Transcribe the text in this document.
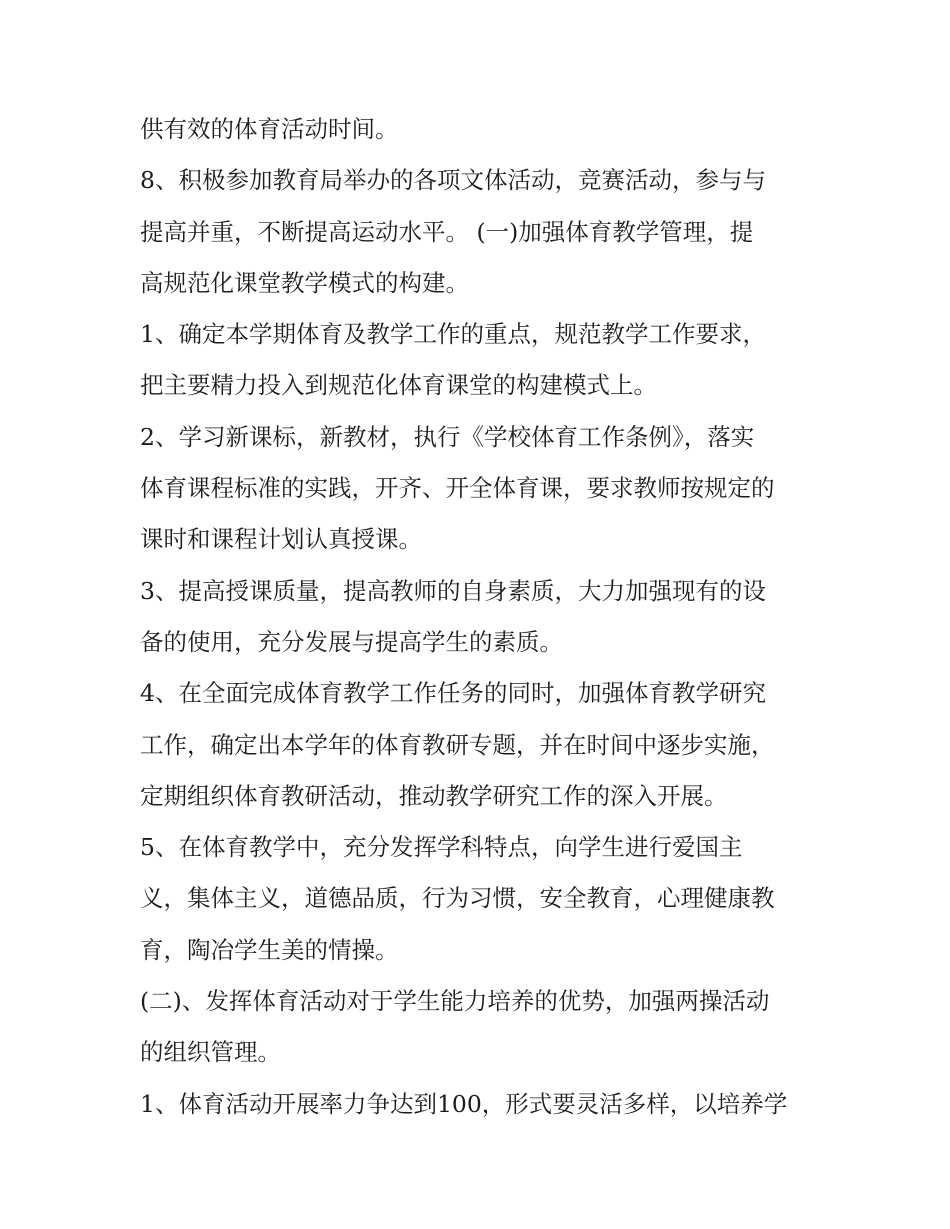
供有效的体育活动时间。
8、积极参加教育局举办的各项文体活动，竞赛活动，参与与
提高并重，不断提高运动水平。 (一)加强体育教学管理，提
高规范化课堂教学模式的构建。
1、确定本学期体育及教学工作的重点，规范教学工作要求，
把主要精力投入到规范化体育课堂的构建模式上。
2、学习新课标，新教材，执行《学校体育工作条例》，落实
体育课程标准的实践，开齐、开全体育课，要求教师按规定的
课时和课程计划认真授课。
3、提高授课质量，提高教师的自身素质，大力加强现有的设
备的使用，充分发展与提高学生的素质。
4、在全面完成体育教学工作任务的同时，加强体育教学研究
工作，确定出本学年的体育教研专题，并在时间中逐步实施，
定期组织体育教研活动，推动教学研究工作的深入开展。
5、在体育教学中，充分发挥学科特点，向学生进行爱国主
义，集体主义，道德品质，行为习惯，安全教育，心理健康教
育，陶冶学生美的情操。
(二)、发挥体育活动对于学生能力培养的优势，加强两操活动
的组织管理。
1、体育活动开展率力争达到100，形式要灵活多样，以培养学
